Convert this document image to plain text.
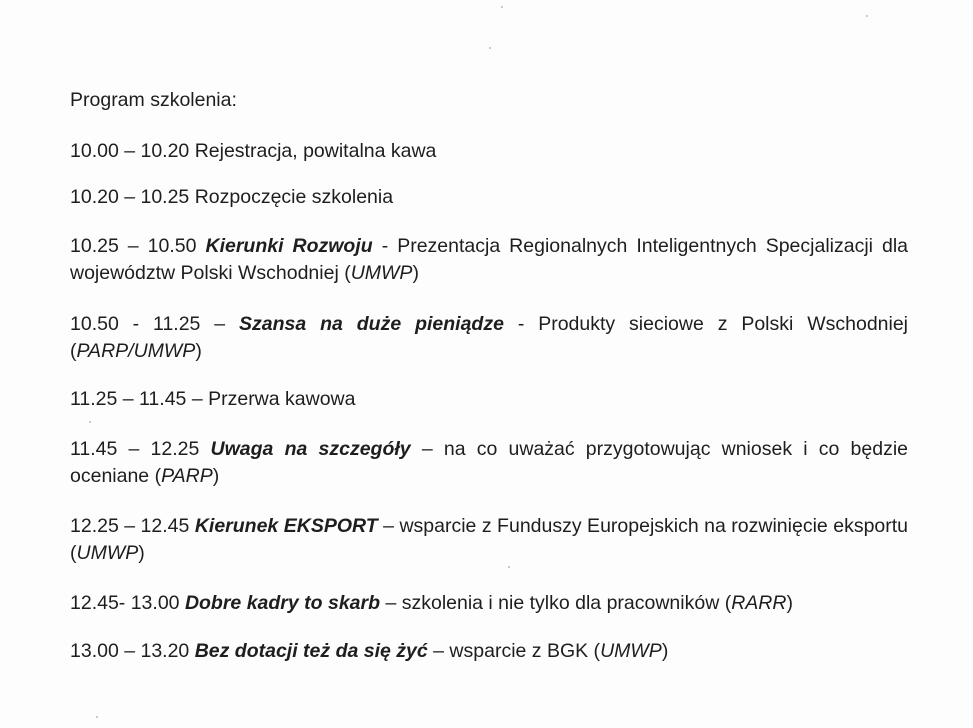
Program szkolenia:
10.00 – 10.20 Rejestracja, powitalna kawa
10.20 – 10.25 Rozpoczęcie szkolenia
10.25 – 10.50 Kierunki Rozwoju - Prezentacja Regionalnych Inteligentnych Specjalizacji dla województw Polski Wschodniej (UMWP)
10.50 - 11.25 – Szansa na duże pieniądze - Produkty sieciowe z Polski Wschodniej (PARP/UMWP)
11.25 – 11.45 – Przerwa kawowa
11.45 – 12.25 Uwaga na szczegóły – na co uważać przygotowując wniosek i co będzie oceniane (PARP)
12.25 – 12.45 Kierunek EKSPORT – wsparcie z Funduszy Europejskich na rozwinięcie eksportu (UMWP)
12.45- 13.00 Dobre kadry to skarb – szkolenia i nie tylko dla pracowników (RARR)
13.00 – 13.20 Bez dotacji też da się żyć – wsparcie z BGK (UMWP)
